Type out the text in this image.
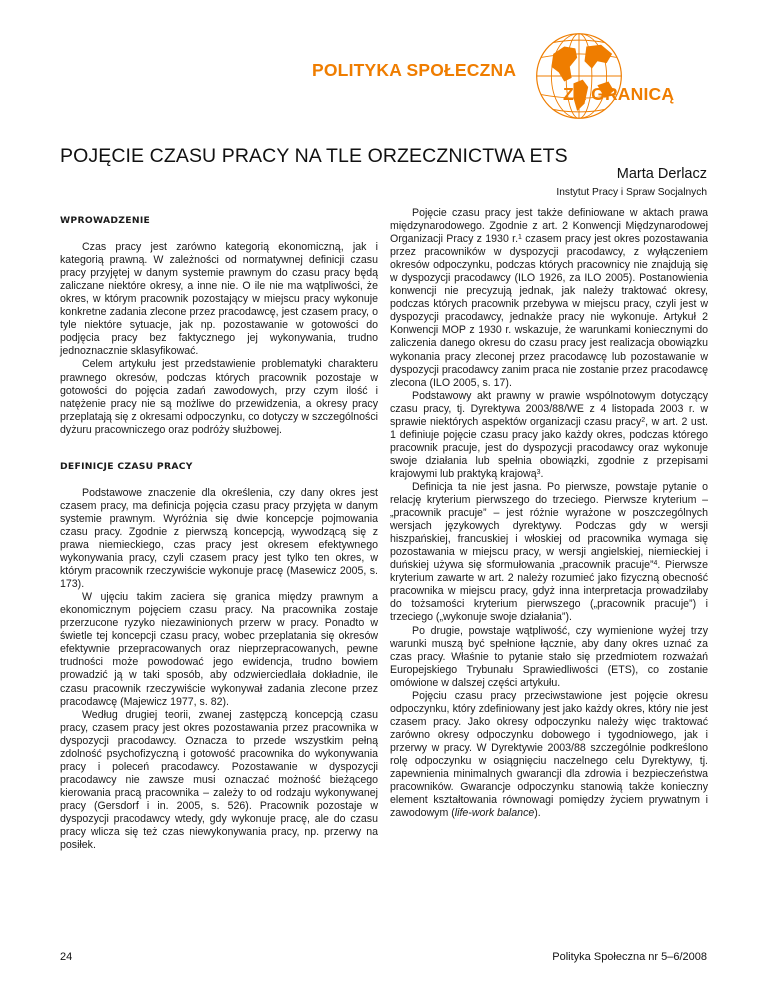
POLITYKA SPOŁECZNA
ZA GRANICĄ
POJĘCIE CZASU PRACY NA TLE ORZECZNICTWA ETS
Marta Derlacz
Instytut Pracy i Spraw Socjalnych
WPROWADZENIE

Czas pracy jest zarówno kategorią ekonomiczną, jak i kategorią prawną. W zależności od normatywnej definicji czasu pracy przyjętej w danym systemie prawnym do czasu pracy będą zaliczane niektóre okresy, a inne nie. O ile nie ma wątpliwości, że okres, w którym pracownik pozostający w miejscu pracy wykonuje konkretne zadania zlecone przez pracodawcę, jest czasem pracy, o tyle niektóre sytuacje, jak np. pozostawanie w gotowości do podjęcia pracy bez faktycznego jej wykonywania, trudno jednoznacznie sklasyfikować.

Celem artykułu jest przedstawienie problematyki charakteru prawnego okresów, podczas których pracownik pozostaje w gotowości do pojęcia zadań zawodowych, przy czym ilość i natężenie pracy nie są możliwe do przewidzenia, a okresy pracy przeplatają się z okresami odpoczynku, co dotyczy w szczególności dyżuru pracowniczego oraz podróży służbowej.

DEFINICJE CZASU PRACY

Podstawowe znaczenie dla określenia, czy dany okres jest czasem pracy, ma definicja pojęcia czasu pracy przyjęta w danym systemie prawnym. Wyróżnia się dwie koncepcje pojmowania czasu pracy. Zgodnie z pierwszą koncepcją, wywodzącą się z prawa niemieckiego, czas pracy jest okresem efektywnego wykonywania pracy, czyli czasem pracy jest tylko ten okres, w którym pracownik rzeczywiście wykonuje pracę (Masewicz 2005, s. 173).

W ujęciu takim zaciera się granica między prawnym a ekonomicznym pojęciem czasu pracy. Na pracownika zostaje przerzucone ryzyko niezawinionych przerw w pracy. Ponadto w świetle tej koncepcji czasu pracy, wobec przeplatania się okresów efektywnie przepracowanych oraz nieprzepracowanych, pewne trudności może powodować jego ewidencja, trudno bowiem prowadzić ją w taki sposób, aby odzwierciedlała dokładnie, ile czasu pracownik rzeczywiście wykonywał zadania zlecone przez pracodawcę (Majewicz 1977, s. 82).

Według drugiej teorii, zwanej zastępczą koncepcją czasu pracy, czasem pracy jest okres pozostawania przez pracownika w dyspozycji pracodawcy. Oznacza to przede wszystkim pełną zdolność psychofizyczną i gotowość pracownika do wykonywania pracy i poleceń pracodawcy. Pozostawanie w dyspozycji pracodawcy nie zawsze musi oznaczać możność bieżącego kierowania pracą pracownika – zależy to od rodzaju wykonywanej pracy (Gersdorf i in. 2005, s. 526). Pracownik pozostaje w dyspozycji pracodawcy wtedy, gdy wykonuje pracę, ale do czasu pracy wlicza się też czas niewykonywania pracy, np. przerwy na posiłek.

Pojęcie czasu pracy jest także definiowane w aktach prawa międzynarodowego. Zgodnie z art. 2 Konwencji Międzynarodowej Organizacji Pracy z 1930 r.$^1$ czasem pracy jest okres pozostawania przez pracowników w dyspozycji pracodawcy, z wyłączeniem okresów odpoczynku, podczas których pracownicy nie znajdują się w dyspozycji pracodawcy (ILO 1926, za ILO 2005). Postanowienia konwencji nie precyzują jednak, jak należy traktować okresy, podczas których pracownik przebywa w miejscu pracy, czyli jest w dyspozycji pracodawcy, jednakże pracy nie wykonuje. Artykuł 2 Konwencji MOP z 1930 r. wskazuje, że warunkami koniecznymi do zaliczenia danego okresu do czasu pracy jest realizacja obowiązku wykonania pracy zleconej przez pracodawcę lub pozostawanie w dyspozycji pracodawcy zanim praca nie zostanie przez pracodawcę zlecona (ILO 2005, s. 17).

Podstawowy akt prawny w prawie wspólnotowym dotyczący czasu pracy, tj. Dyrektywa 2003/88/WE z 4 listopada 2003 r. w sprawie niektórych aspektów organizacji czasu pracy$^2$, w art. 2 ust. 1 definiuje pojęcie czasu pracy jako każdy okres, podczas którego pracownik pracuje, jest do dyspozycji pracodawcy oraz wykonuje swoje działania lub spełnia obowiązki, zgodnie z przepisami krajowymi lub praktyką krajową$^3$.

Definicja ta nie jest jasna. Po pierwsze, powstaje pytanie o relację kryterium pierwszego do trzeciego. Pierwsze kryterium – „pracownik pracuje” – jest różnie wyrażone w poszczególnych wersjach językowych dyrektywy. Podczas gdy w wersji hiszpańskiej, francuskiej i włoskiej od pracownika wymaga się pozostawania w miejscu pracy, w wersji angielskiej, niemieckiej i duńskiej używa się sformułowania „pracownik pracuje”$^4$. Pierwsze kryterium zawarte w art. 2 należy rozumieć jako fizyczną obecność pracownika w miejscu pracy, gdyż inna interpretacja prowadziłaby do tożsamości kryterium pierwszego („pracownik pracuje”) i trzeciego („wykonuje swoje działania”).

Po drugie, powstaje wątpliwość, czy wymienione wyżej trzy warunki muszą być spełnione łącznie, aby dany okres uznać za czas pracy. Właśnie to pytanie stało się przedmiotem rozważań Europejskiego Trybunału Sprawiedliwości (ETS), co zostanie omówione w dalszej części artykułu.

Pojęciu czasu pracy przeciwstawione jest pojęcie okresu odpoczynku, który zdefiniowany jest jako każdy okres, który nie jest czasem pracy. Jako okresy odpoczynku należy więc traktować zarówno okresy odpoczynku dobowego i tygodniowego, jak i przerwy w pracy. W Dyrektywie 2003/88 szczególnie podkreślono rolę odpoczynku w osiągnięciu naczelnego celu Dyrektywy, tj. zapewnienia minimalnych gwarancji dla zdrowia i bezpieczeństwa pracowników. Gwarancje odpoczynku stanowią także konieczny element kształtowania równowagi pomiędzy życiem prywatnym i zawodowym (life-work balance).

24	Polityka Społeczna nr 5–6/2008
